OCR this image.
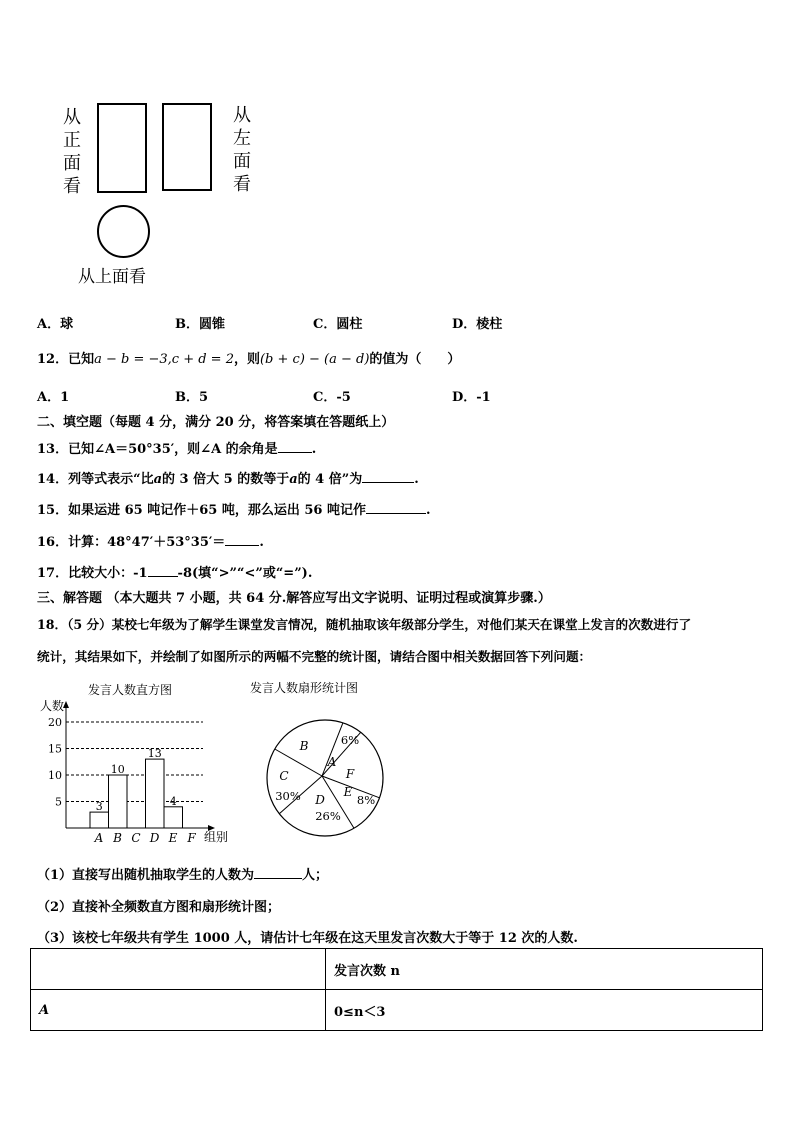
从
正
面
看
从
左
面
看
从上面看
A．球	B．圆锥	C．圆柱	D．棱柱
12．已知a − b = −3,c + d = 2，则(b + c) − (a − d)的值为（　　）
A．1	B．5	C．-5	D．-1
二、填空题（每题 4 分，满分 20 分，将答案填在答题纸上）
13．已知∠A＝50°35′，则∠A 的余角是	.
14．列等式表示“比a的 3 倍大 5 的数等于a的 4 倍”为	.
15．如果运进 65 吨记作＋65 吨，那么运出 56 吨记作	.
16．计算：48°47′＋53°35′＝	.
17．比较大小：-1 -8(填“>”“<”或“=”).
三、解答题 （本大题共 7 小题，共 64 分.解答应写出文字说明、证明过程或演算步骤.）
18．（5 分）某校七年级为了解学生课堂发言情况，随机抽取该年级部分学生，对他们某天在课堂上发言的次数进行了
统计，其结果如下，并绘制了如图所示的两幅不完整的统计图，请结合图中相关数据回答下列问题：
发言人数直方图
人数
组别
5
10
15
20
A
3
B
10
C D
13
E
4
F
发言人数扇形统计图
A
6%
B
C
30% D
26%
E
8%
F
（1）直接写出随机抽取学生的人数为	人；
（2）直接补全频数直方图和扇形统计图；
（3）该校七年级共有学生 1000 人，请估计七年级在这天里发言次数大于等于 12 次的人数.
	发言次数 n
A	0≤n＜3
